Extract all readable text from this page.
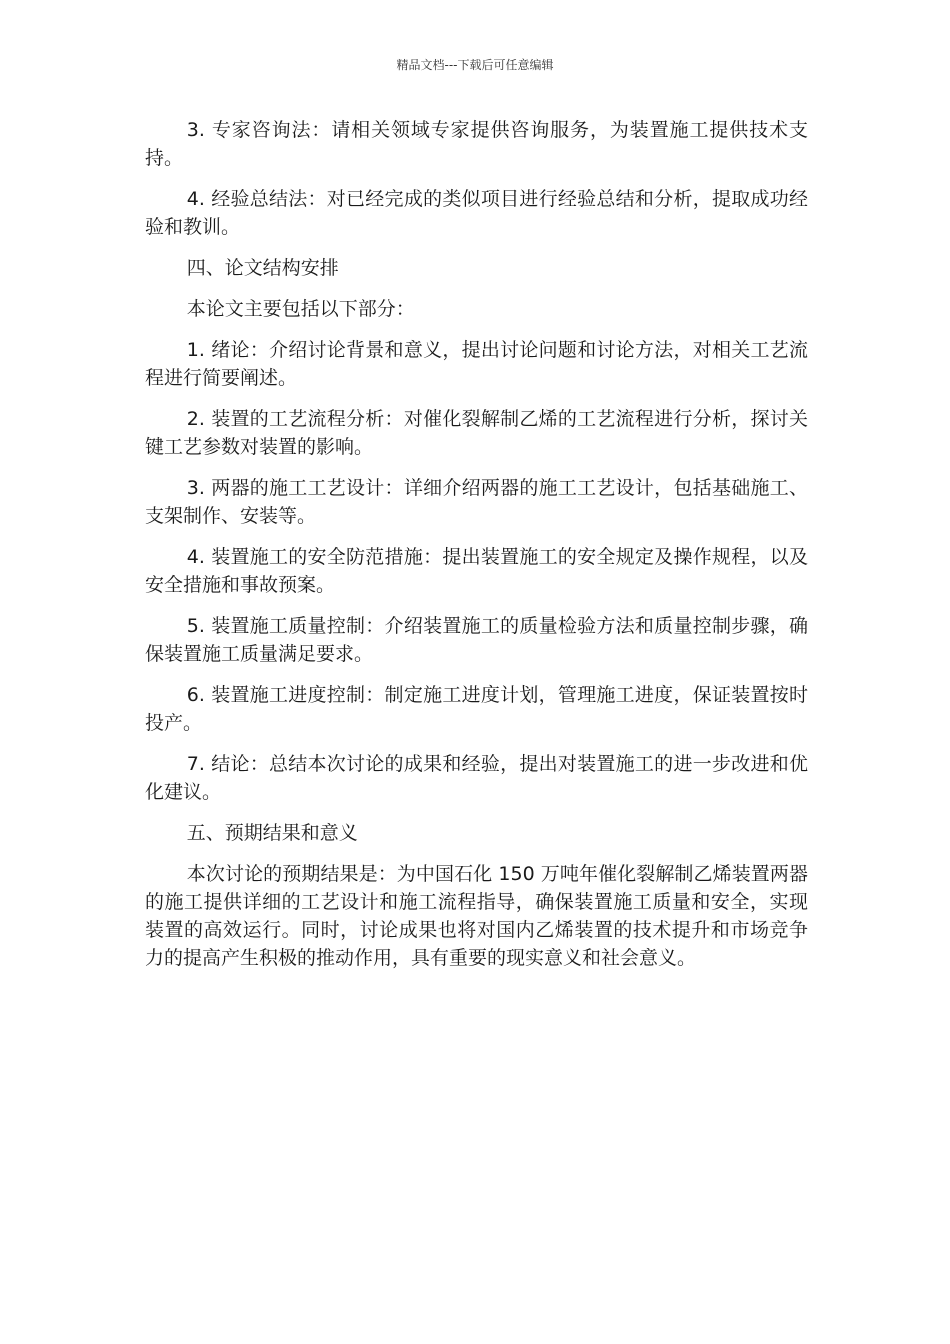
精品文档---下载后可任意编辑

3. 专家咨询法：请相关领域专家提供咨询服务，为装置施工提供技术支持。

4. 经验总结法：对已经完成的类似项目进行经验总结和分析，提取成功经验和教训。

四、论文结构安排

本论文主要包括以下部分：

1. 绪论：介绍讨论背景和意义，提出讨论问题和讨论方法，对相关工艺流程进行简要阐述。

2. 装置的工艺流程分析：对催化裂解制乙烯的工艺流程进行分析，探讨关键工艺参数对装置的影响。

3. 两器的施工工艺设计：详细介绍两器的施工工艺设计，包括基础施工、支架制作、安装等。

4. 装置施工的安全防范措施：提出装置施工的安全规定及操作规程，以及安全措施和事故预案。

5. 装置施工质量控制：介绍装置施工的质量检验方法和质量控制步骤，确保装置施工质量满足要求。

6. 装置施工进度控制：制定施工进度计划，管理施工进度，保证装置按时投产。

7. 结论：总结本次讨论的成果和经验，提出对装置施工的进一步改进和优化建议。

五、预期结果和意义

本次讨论的预期结果是：为中国石化 150 万吨年催化裂解制乙烯装置两器的施工提供详细的工艺设计和施工流程指导，确保装置施工质量和安全，实现装置的高效运行。同时，讨论成果也将对国内乙烯装置的技术提升和市场竞争力的提高产生积极的推动作用，具有重要的现实意义和社会意义。
